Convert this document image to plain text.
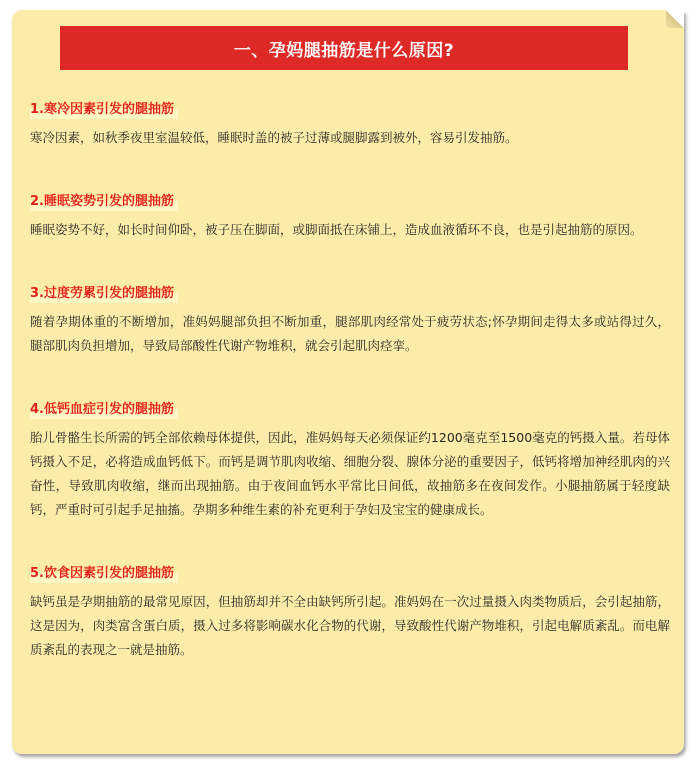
一、孕妈腿抽筋是什么原因?
1.寒冷因素引发的腿抽筋
寒冷因素，如秋季夜里室温较低，睡眠时盖的被子过薄或腿脚露到被外，容易引发抽筋。
2.睡眠姿势引发的腿抽筋
睡眠姿势不好，如长时间仰卧，被子压在脚面，或脚面抵在床铺上，造成血液循环不良，也是引起抽筋的原因。
3.过度劳累引发的腿抽筋
随着孕期体重的不断增加，准妈妈腿部负担不断加重，腿部肌肉经常处于疲劳状态;怀孕期间走得太多或站得过久，腿部肌肉负担增加，导致局部酸性代谢产物堆积，就会引起肌肉痉挛。
4.低钙血症引发的腿抽筋
胎儿骨骼生长所需的钙全部依赖母体提供，因此，准妈妈每天必须保证约1200毫克至1500毫克的钙摄入量。若母体钙摄入不足，必将造成血钙低下。而钙是调节肌肉收缩、细胞分裂、腺体分泌的重要因子，低钙将增加神经肌肉的兴奋性，导致肌肉收缩，继而出现抽筋。由于夜间血钙水平常比日间低，故抽筋多在夜间发作。小腿抽筋属于轻度缺钙，严重时可引起手足抽搐。孕期多种维生素的补充更利于孕妇及宝宝的健康成长。
5.饮食因素引发的腿抽筋
缺钙虽是孕期抽筋的最常见原因，但抽筋却并不全由缺钙所引起。准妈妈在一次过量摄入肉类物质后，会引起抽筋，这是因为，肉类富含蛋白质，摄入过多将影响碳水化合物的代谢，导致酸性代谢产物堆积，引起电解质紊乱。而电解质紊乱的表现之一就是抽筋。
